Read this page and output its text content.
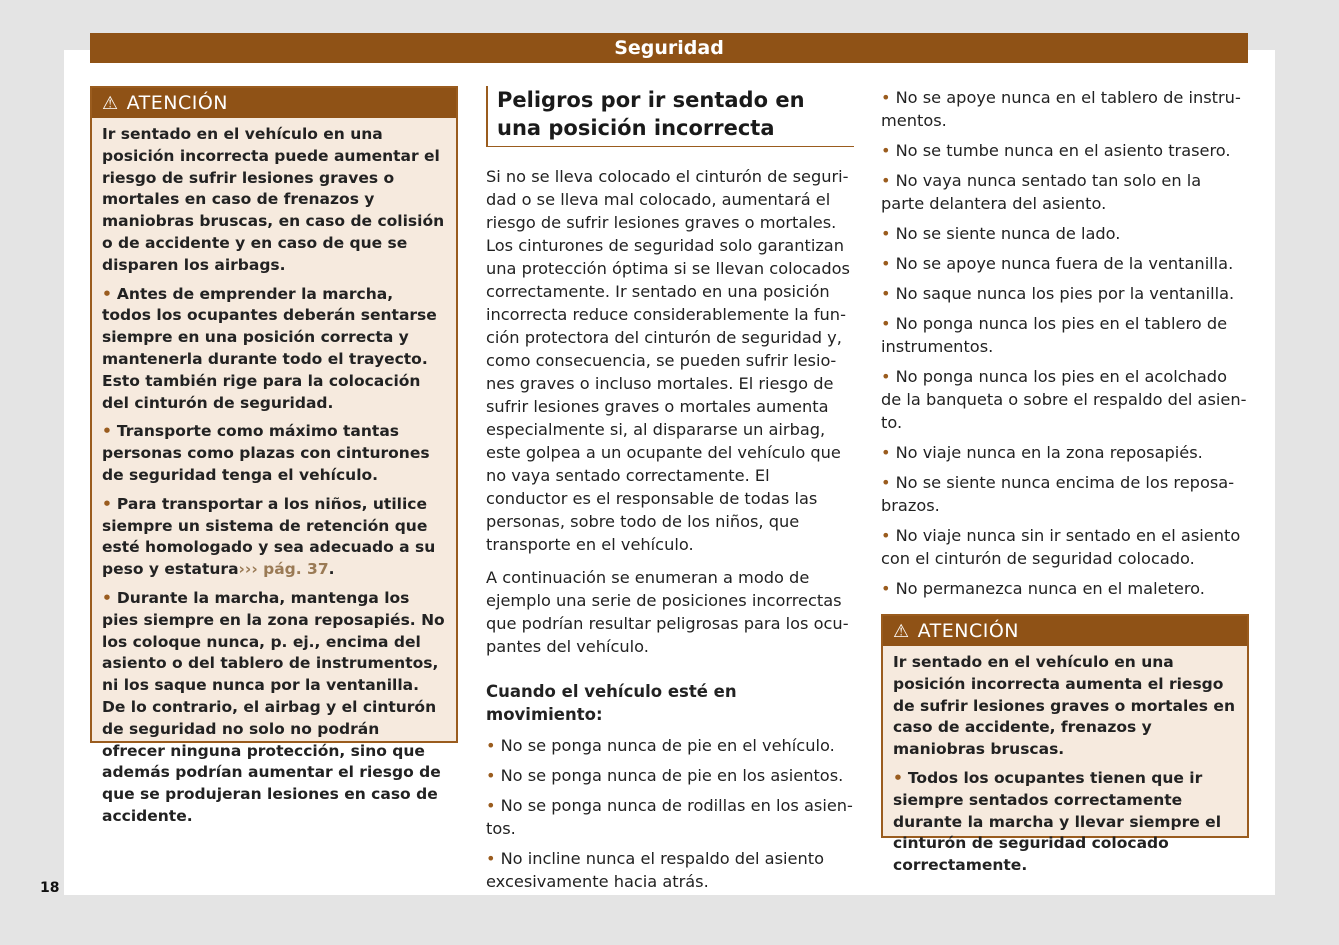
Seguridad
18
⚠ ATENCIÓN

Ir sentado en el vehículo en una posición incorrecta puede aumentar el riesgo de sufrir lesiones graves o mortales en caso de frenazos y maniobras bruscas, en caso de colisión o de accidente y en caso de que se disparen los airbags.

• Antes de emprender la marcha, todos los ocupantes deberán sentarse siempre en una posición correcta y mantenerla durante todo el trayecto. Esto también rige para la colocación del cinturón de seguridad.

• Transporte como máximo tantas personas como plazas con cinturones de seguridad tenga el vehículo.

• Para transportar a los niños, utilice siempre un sistema de retención que esté homologado y sea adecuado a su peso y estatura››› pág. 37.

• Durante la marcha, mantenga los pies siempre en la zona reposapiés. No los coloque nunca, p. ej., encima del asiento o del tablero de instrumentos, ni los saque nunca por la ventanilla. De lo contrario, el airbag y el cinturón de seguridad no solo no podrán ofrecer ninguna protección, sino que además podrían aumentar el riesgo de que se produjeran lesiones en caso de accidente.

Peligros por ir sentado en una posición incorrecta

Si no se lleva colocado el cinturón de seguridad o se lleva mal colocado, aumentará el riesgo de sufrir lesiones graves o mortales. Los cinturones de seguridad solo garantizan una protección óptima si se llevan colocados correctamente. Ir sentado en una posición incorrecta reduce considerablemente la función protectora del cinturón de seguridad y, como consecuencia, se pueden sufrir lesiones graves o incluso mortales. El riesgo de sufrir lesiones graves o mortales aumenta especialmente si, al dispararse un airbag, este golpea a un ocupante del vehículo que no vaya sentado correctamente. El conductor es el responsable de todas las personas, sobre todo de los niños, que transporte en el vehículo.

A continuación se enumeran a modo de ejemplo una serie de posiciones incorrectas que podrían resultar peligrosas para los ocupantes del vehículo.

Cuando el vehículo esté en movimiento:
• No se ponga nunca de pie en el vehículo.
• No se ponga nunca de pie en los asientos.
• No se ponga nunca de rodillas en los asientos.
• No incline nunca el respaldo del asiento excesivamente hacia atrás.
• No se apoye nunca en el tablero de instrumentos.
• No se tumbe nunca en el asiento trasero.
• No vaya nunca sentado tan solo en la parte delantera del asiento.
• No se siente nunca de lado.
• No se apoye nunca fuera de la ventanilla.
• No saque nunca los pies por la ventanilla.
• No ponga nunca los pies en el tablero de instrumentos.
• No ponga nunca los pies en el acolchado de la banqueta o sobre el respaldo del asiento.
• No viaje nunca en la zona reposapiés.
• No se siente nunca encima de los reposabrazos.
• No viaje nunca sin ir sentado en el asiento con el cinturón de seguridad colocado.
• No permanezca nunca en el maletero.
⚠ ATENCIÓN

Ir sentado en el vehículo en una posición incorrecta aumenta el riesgo de sufrir lesiones graves o mortales en caso de accidente, frenazos y maniobras bruscas.

• Todos los ocupantes tienen que ir siempre sentados correctamente durante la marcha y llevar siempre el cinturón de seguridad colocado correctamente.
